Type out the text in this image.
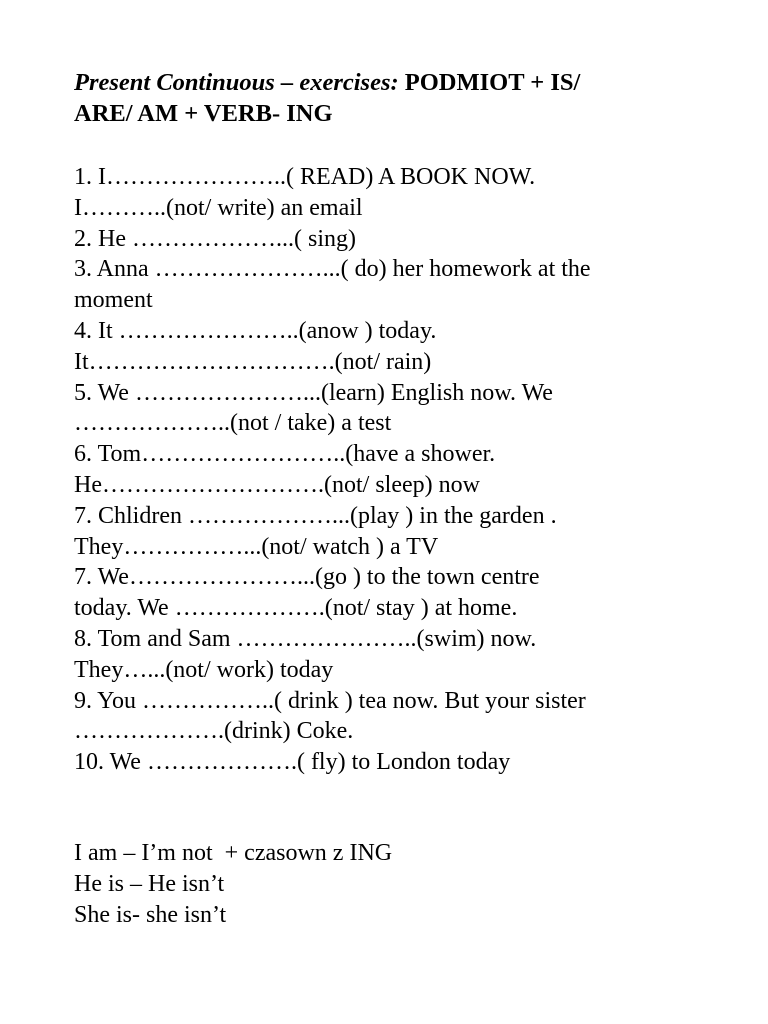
Present Continuous – exercises: PODMIOT + IS/
ARE/ AM + VERB- ING
1. I…………………..( READ) A BOOK NOW.
I………..(not/ write) an email
2. He ………………...( sing)
3. Anna …………………...( do) her homework at the
moment
4. It …………………..(anow ) today.
It………………………….(not/ rain)
5. We …………………...(learn) English now. We
………………..(not / take) a test
6. Tom……………………..(have a shower.
He……………………….(not/ sleep) now
7. Chlidren ………………...(play ) in the garden .
They……………...(not/ watch ) a TV
7. We…………………...(go ) to the town centre
today. We ……………….(not/ stay ) at home.
8. Tom and Sam …………………..(swim) now.
They…...(not/ work) today
9. You ……………..( drink ) tea now. But your sister
……………….(drink) Coke.
10. We ……………….( fly) to London today
I am – I’m not  + czasown z ING
He is – He isn’t
She is- she isn’t
